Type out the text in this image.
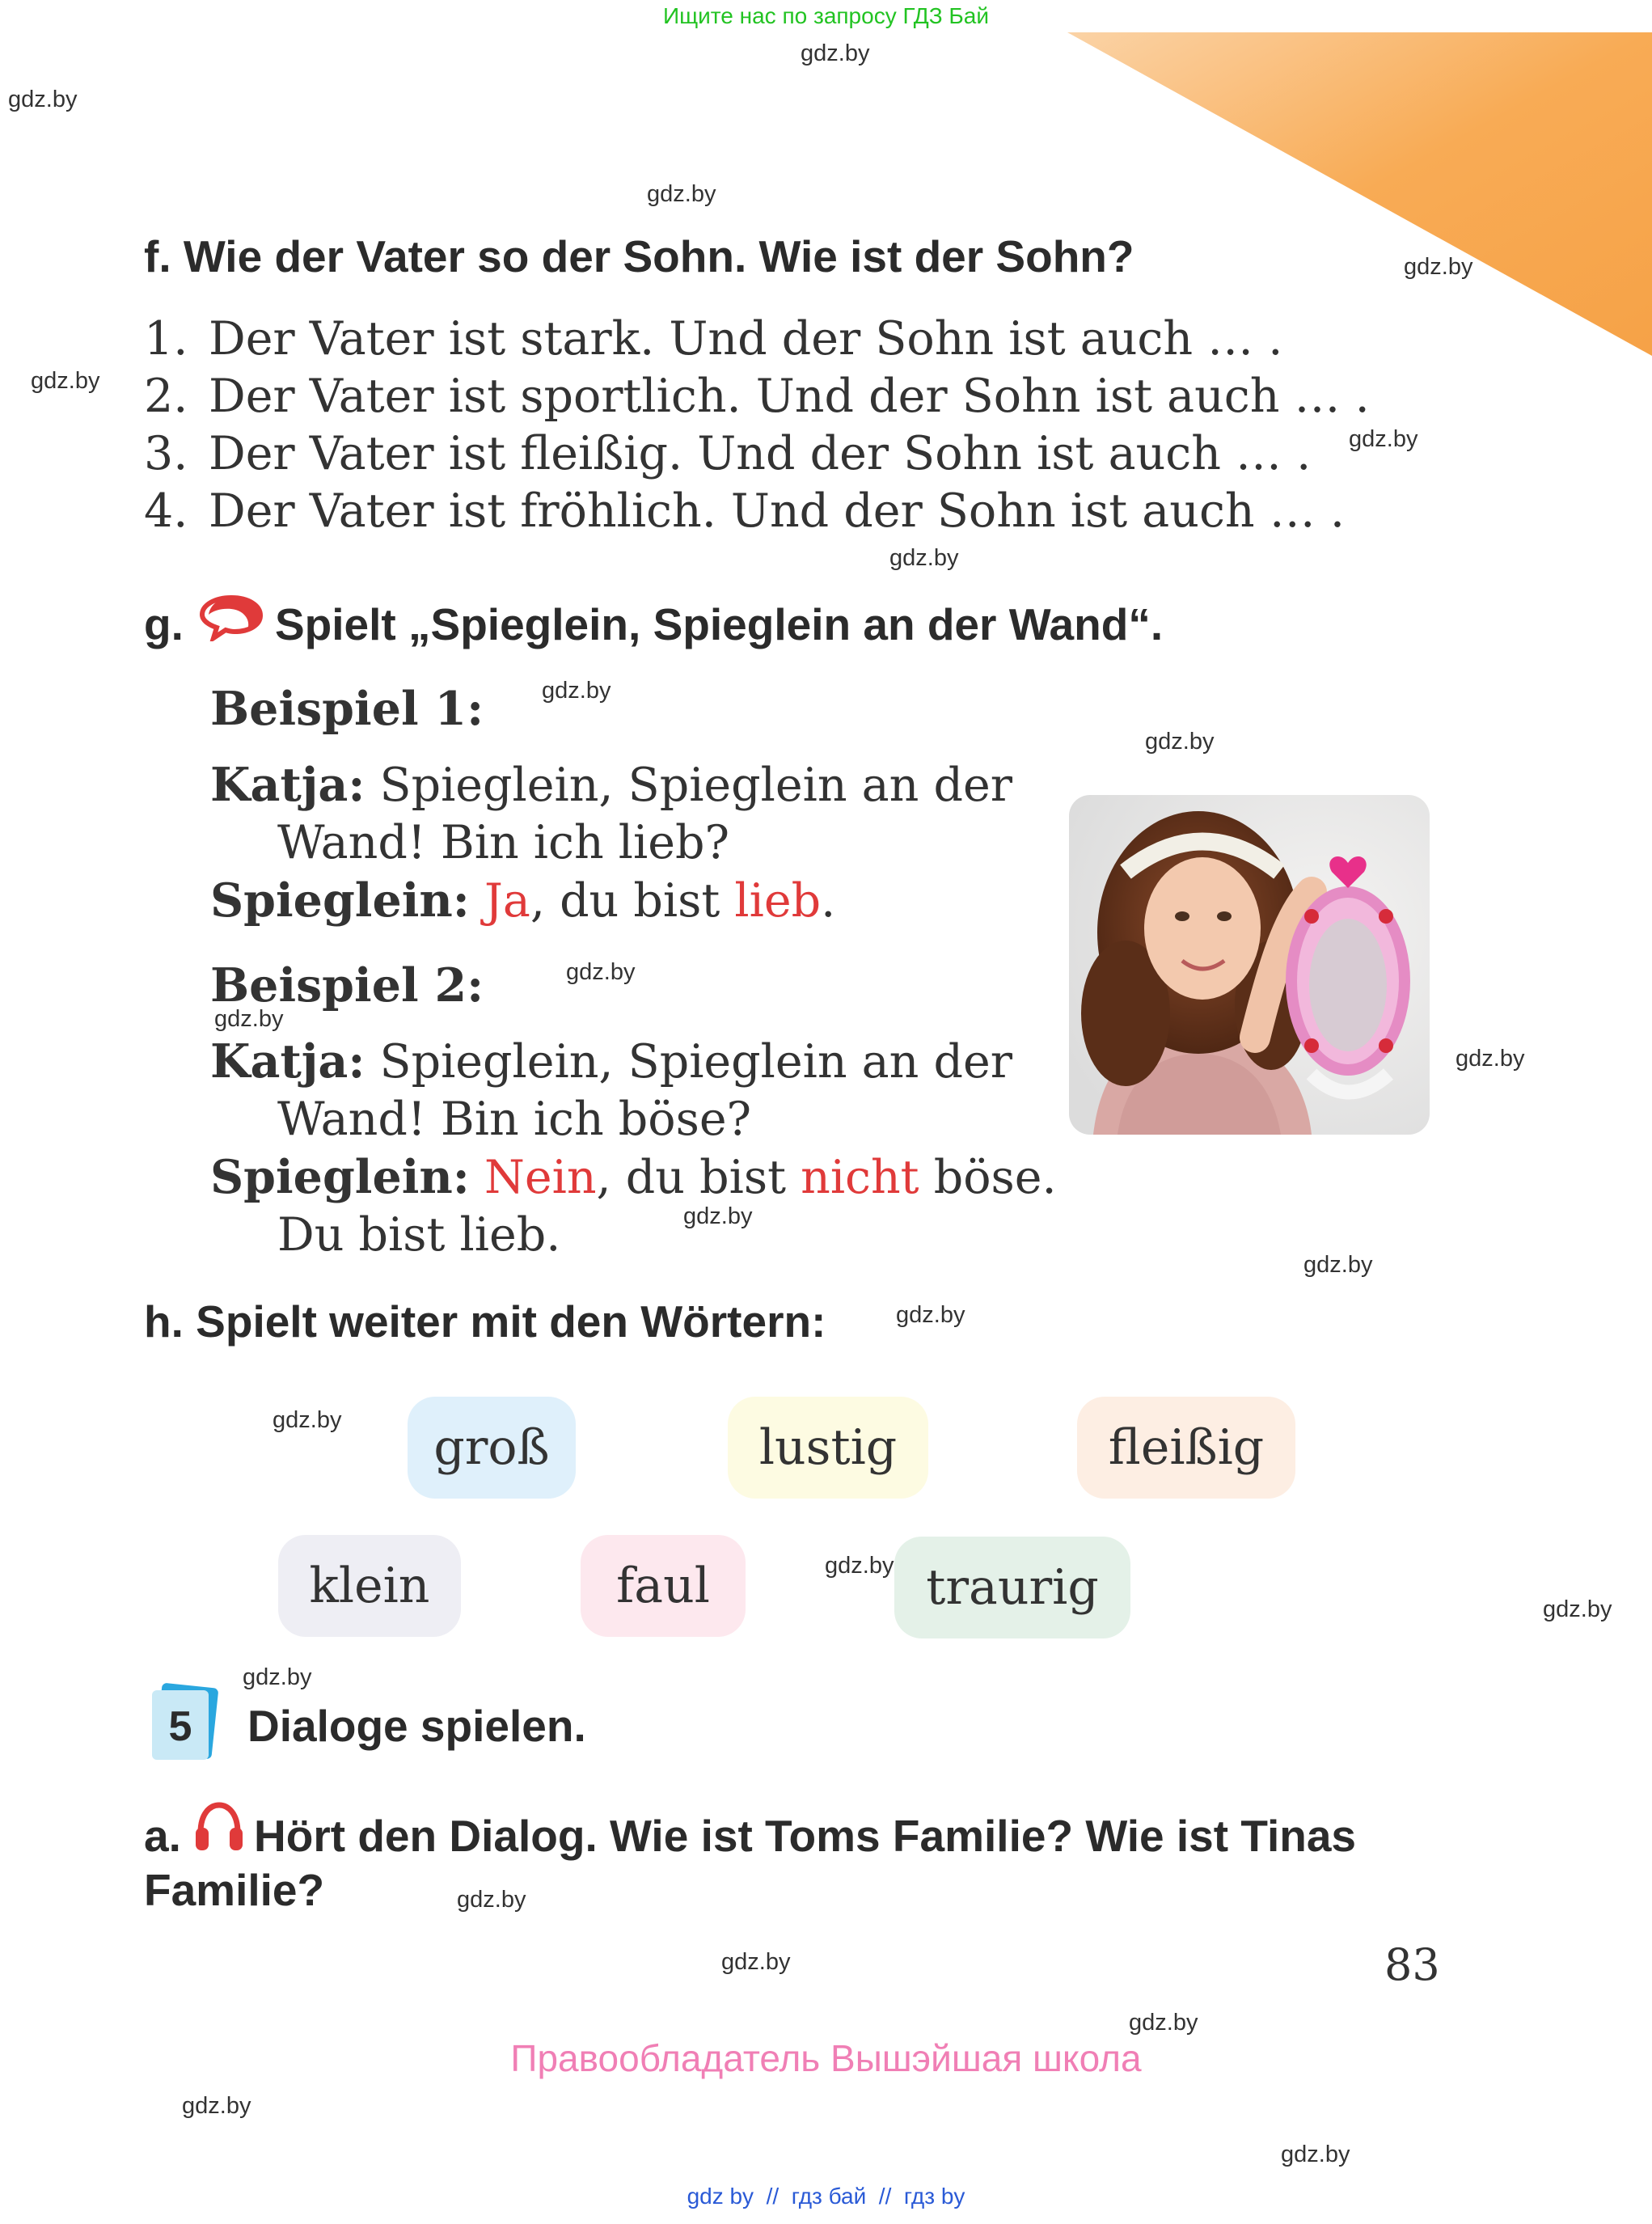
Ищите нас по запросу ГДЗ Бай
gdz.by
gdz.by
gdz.by
gdz.by
gdz.by
gdz.by
gdz.by
gdz.by
gdz.by
gdz.by
gdz.by
gdz.by
gdz.by
gdz.by
gdz.by
gdz.by
gdz.by
gdz.by
gdz.by
gdz.by
gdz.by
gdz.by
gdz.by
gdz.by
f. Wie der Vater so der Sohn. Wie ist der Sohn?
1. Der Vater ist stark. Und der Sohn ist auch … .
2. Der Vater ist sportlich. Und der Sohn ist auch … .
3. Der Vater ist fleißig. Und der Sohn ist auch … .
4. Der Vater ist fröhlich. Und der Sohn ist auch … .
g. Spielt „Spieglein, Spieglein an der Wand“.
Beispiel 1:
Katja: Spieglein, Spieglein an der
Wand! Bin ich lieb?
Spieglein: Ja, du bist lieb.
Beispiel 2:
Katja: Spieglein, Spieglein an der
Wand! Bin ich böse?
Spieglein: Nein, du bist nicht böse.
Du bist lieb.
h. Spielt weiter mit den Wörtern:
groß	lustig	fleißig
klein	faul	traurig
5 Dialoge spielen.
a. Hört den Dialog. Wie ist Toms Familie? Wie ist Tinas
Familie?
83
Правообладатель Вышэйшая школа
gdz by  //  гдз бай  //  гдз by
